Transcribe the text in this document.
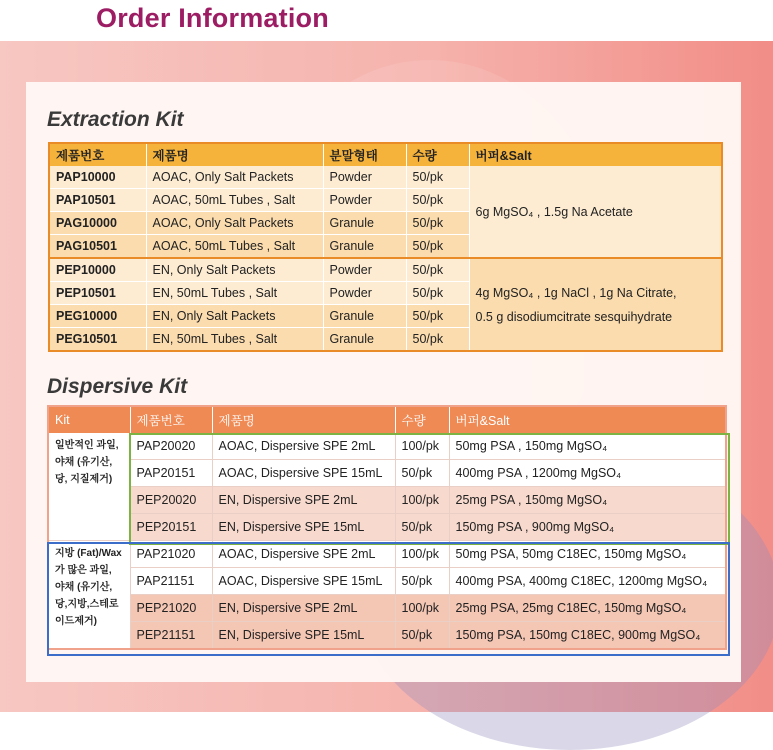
Order Information
Extraction Kit
제품번호	제품명	분말형태	수량	버퍼&Salt
PAP10000	AOAC, Only Salt Packets	Powder	50/pk	6g MgSO₄ , 1.5g Na Acetate
PAP10501	AOAC, 50mL Tubes , Salt	Powder	50/pk	
PAG10000	AOAC, Only Salt Packets	Granule	50/pk	
PAG10501	AOAC, 50mL Tubes , Salt	Granule	50/pk	
PEP10000	EN, Only Salt Packets	Powder	50/pk	4g MgSO₄ , 1g NaCl , 1g Na Citrate,
0.5 g disodiumcitrate sesquihydrate

PEP10501	EN, 50mL Tubes , Salt	Powder	50/pk	
PEG10000	EN, Only Salt Packets	Granule	50/pk	
PEG10501	EN, 50mL Tubes , Salt	Granule	50/pk	
Dispersive Kit
Kit	제품번호	제품명	수량	버퍼&Salt
일반적인 과일, 야채 (유기산, 당, 지질제거)	PAP20020	AOAC, Dispersive SPE 2mL	100/pk	50mg PSA , 150mg MgSO₄
	PAP20151	AOAC, Dispersive SPE 15mL	50/pk	400mg PSA , 1200mg MgSO₄
	PEP20020	EN, Dispersive SPE 2mL	100/pk	25mg PSA , 150mg MgSO₄
	PEP20151	EN, Dispersive SPE 15mL	50/pk	150mg PSA , 900mg MgSO₄
지방 (Fat)/Wax가 많은 과일, 야채 (유기산, 당,지방,스테로이드제거)	PAP21020	AOAC, Dispersive SPE 2mL	100/pk	50mg PSA, 50mg C18EC, 150mg MgSO₄
	PAP21151	AOAC, Dispersive SPE 15mL	50/pk	400mg PSA, 400mg C18EC, 1200mg MgSO₄
	PEP21020	EN, Dispersive SPE 2mL	100/pk	25mg PSA, 25mg C18EC, 150mg MgSO₄
	PEP21151	EN, Dispersive SPE 15mL	50/pk	150mg PSA, 150mg C18EC, 900mg MgSO₄
